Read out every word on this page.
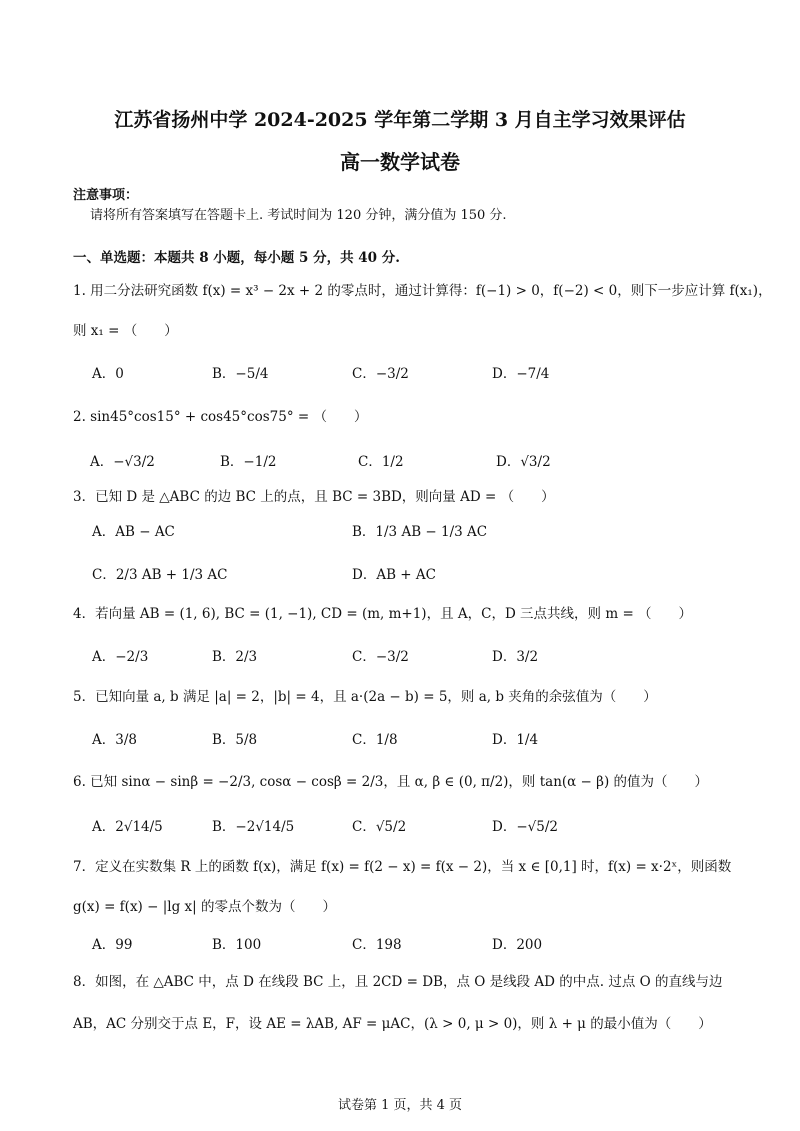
江苏省扬州中学 2024-2025 学年第二学期 3 月自主学习效果评估
高一数学试卷
注意事项：
请将所有答案填写在答题卡上. 考试时间为 120 分钟，满分值为 150 分.
一、单选题：本题共 8 小题，每小题 5 分，共 40 分.
1. 用二分法研究函数 f(x) = x³ − 2x + 2 的零点时，通过计算得：f(−1) > 0，f(−2) < 0，则下一步应计算 f(x₁)，
则 x₁ = （　　）
A．0	B．−5/4	C．−3/2	D．−7/4
2. sin45°cos15° + cos45°cos75° = （　　）
A．−√3/2	B．−1/2	C．1/2	D．√3/2
3．已知 D 是 △ABC 的边 BC 上的点，且 BC = 3BD，则向量 AD = （　　）
A．AB − AC	B．1/3 AB − 1/3 AC
C．2/3 AB + 1/3 AC	D．AB + AC
4．若向量 AB = (1, 6), BC = (1, −1), CD = (m, m+1)，且 A，C，D 三点共线，则 m = （　　）
A．−2/3	B．2/3	C．−3/2	D．3/2
5．已知向量 a, b 满足 |a| = 2，|b| = 4，且 a·(2a − b) = 5，则 a, b 夹角的余弦值为（　　）
A．3/8	B．5/8	C．1/8	D．1/4
6. 已知 sinα − sinβ = −2/3, cosα − cosβ = 2/3，且 α, β ∈ (0, π/2)，则 tan(α − β) 的值为（　　）
A．2√14/5	B．−2√14/5	C．√5/2	D．−√5/2
7．定义在实数集 R 上的函数 f(x)，满足 f(x) = f(2 − x) = f(x − 2)，当 x ∈ [0,1] 时，f(x) = x·2ˣ，则函数
g(x) = f(x) − |lg x| 的零点个数为（　　）
A．99	B．100	C．198	D．200
8．如图，在 △ABC 中，点 D 在线段 BC 上，且 2CD = DB，点 O 是线段 AD 的中点. 过点 O 的直线与边
AB，AC 分别交于点 E，F，设 AE = λAB, AF = μAC，(λ > 0, μ > 0)，则 λ + μ 的最小值为（　　）
试卷第 1 页，共 4 页
